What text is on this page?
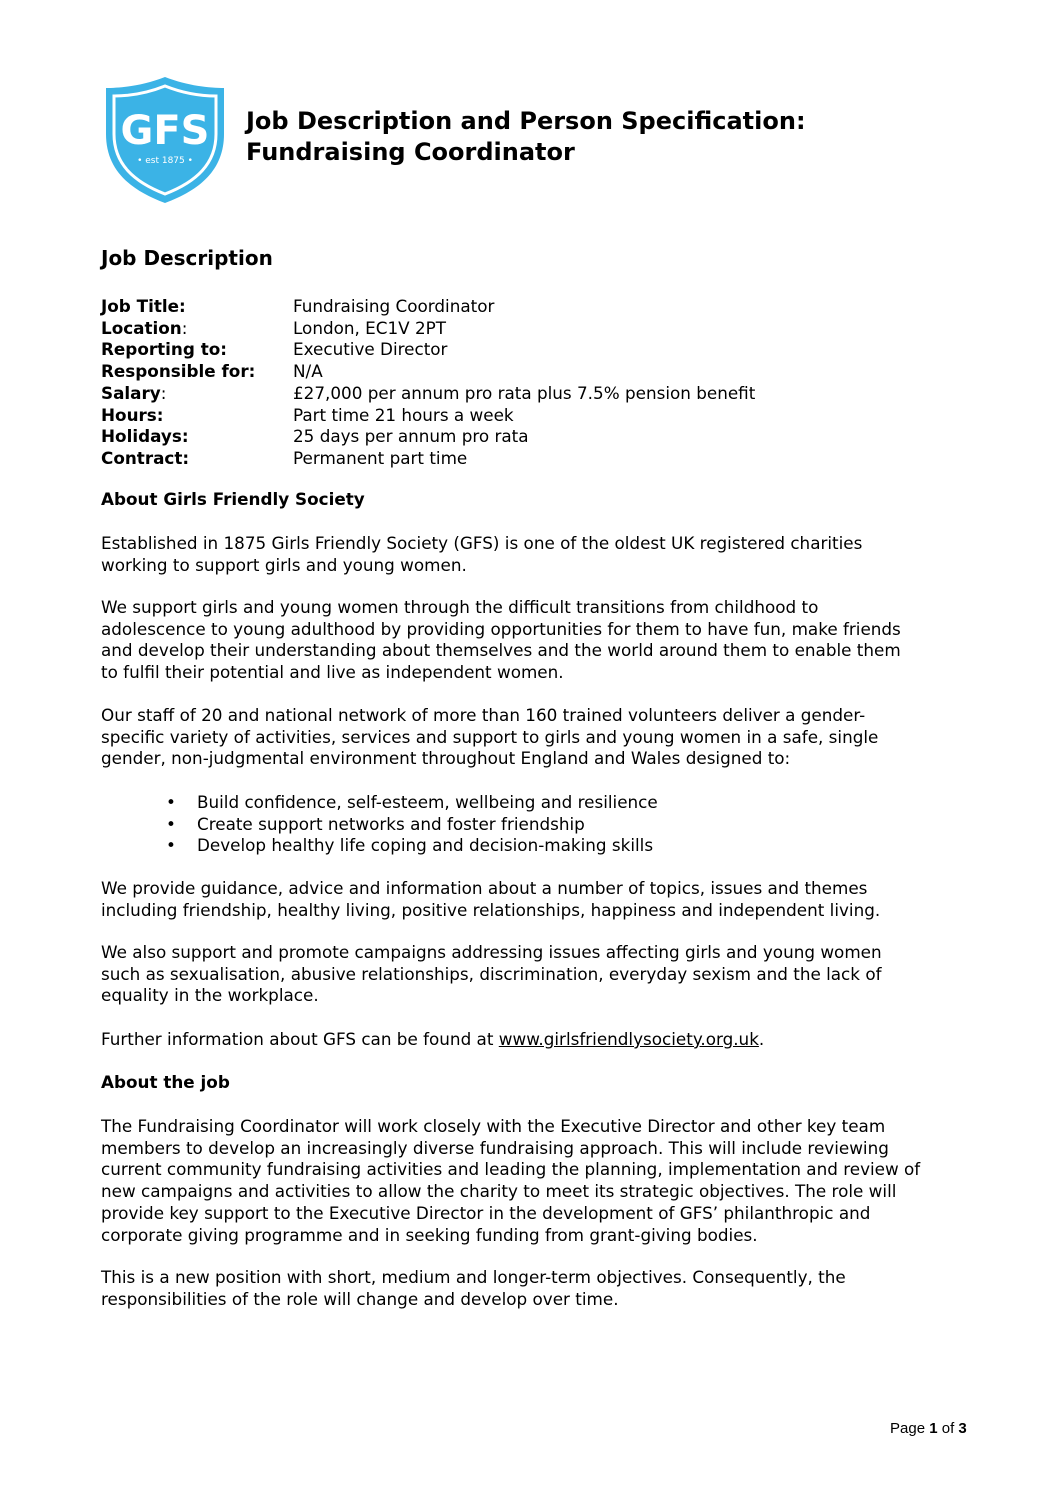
GFS
• est 1875 •
Job Description and Person Specification:
Fundraising Coordinator
Job Description
Job Title:	Fundraising Coordinator
Location:	London, EC1V 2PT
Reporting to:	Executive Director
Responsible for:	N/A
Salary:	£27,000 per annum pro rata plus 7.5% pension benefit
Hours:	Part time 21 hours a week
Holidays:	25 days per annum pro rata
Contract:	Permanent part time
About Girls Friendly Society
Established in 1875 Girls Friendly Society (GFS) is one of the oldest UK registered charities
working to support girls and young women.
We support girls and young women through the difficult transitions from childhood to
adolescence to young adulthood by providing opportunities for them to have fun, make friends
and develop their understanding about themselves and the world around them to enable them
to fulfil their potential and live as independent women.
Our staff of 20 and national network of more than 160 trained volunteers deliver a gender-
specific variety of activities, services and support to girls and young women in a safe, single
gender, non-judgmental environment throughout England and Wales designed to:
• Build confidence, self-esteem, wellbeing and resilience
• Create support networks and foster friendship
• Develop healthy life coping and decision-making skills
We provide guidance, advice and information about a number of topics, issues and themes
including friendship, healthy living, positive relationships, happiness and independent living.
We also support and promote campaigns addressing issues affecting girls and young women
such as sexualisation, abusive relationships, discrimination, everyday sexism and the lack of
equality in the workplace.
Further information about GFS can be found at www.girlsfriendlysociety.org.uk.
About the job
The Fundraising Coordinator will work closely with the Executive Director and other key team
members to develop an increasingly diverse fundraising approach. This will include reviewing
current community fundraising activities and leading the planning, implementation and review of
new campaigns and activities to allow the charity to meet its strategic objectives. The role will
provide key support to the Executive Director in the development of GFS’ philanthropic and
corporate giving programme and in seeking funding from grant-giving bodies.
This is a new position with short, medium and longer-term objectives. Consequently, the
responsibilities of the role will change and develop over time.
Page 1 of 3
